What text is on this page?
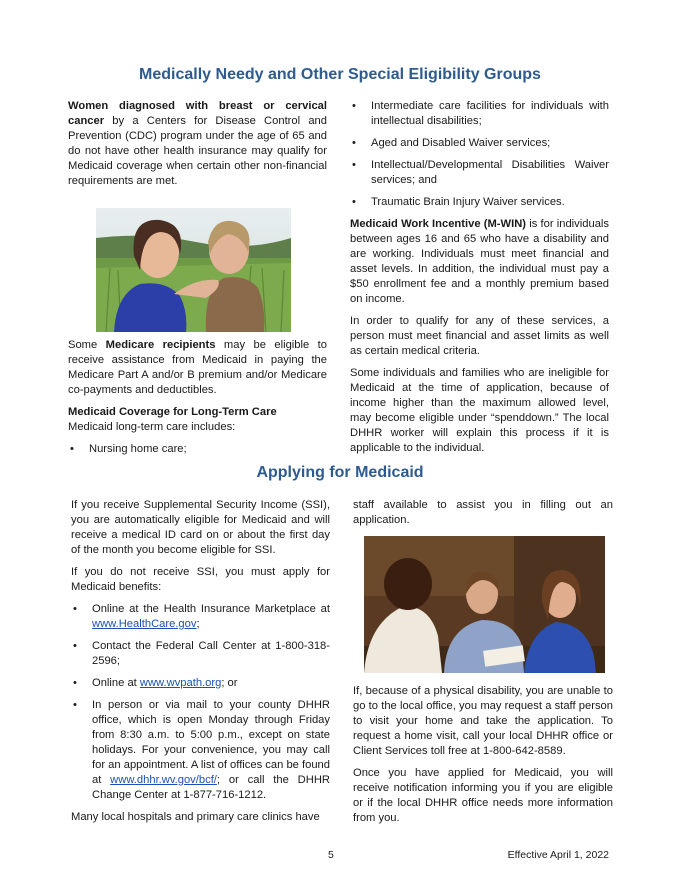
Medically Needy and Other Special Eligibility Groups

Women diagnosed with breast or cervical cancer by a Centers for Disease Control and Prevention (CDC) program under the age of 65 and do not have other health insurance may qualify for Medicaid coverage when certain other non-financial requirements are met.

Some Medicare recipients may be eligible to receive assistance from Medicaid in paying the Medicare Part A and/or B premium and/or Medicare co-payments and deductibles.

Medicaid Coverage for Long-Term Care
Medicaid long-term care includes:

• Nursing home care;
• Intermediate care facilities for individuals with intellectual disabilities;
• Aged and Disabled Waiver services;
• Intellectual/Developmental Disabilities Waiver services; and
• Traumatic Brain Injury Waiver services.

Medicaid Work Incentive (M-WIN) is for individuals between ages 16 and 65 who have a disability and are working. Individuals must meet financial and asset levels. In addition, the individual must pay a $50 enrollment fee and a monthly premium based on income.

In order to qualify for any of these services, a person must meet financial and asset limits as well as certain medical criteria.

Some individuals and families who are ineligible for Medicaid at the time of application, because of income higher than the maximum allowed level, may become eligible under “spenddown.” The local DHHR worker will explain this process if it is applicable to the individual.

Applying for Medicaid

If you receive Supplemental Security Income (SSI), you are automatically eligible for Medicaid and will receive a medical ID card on or about the first day of the month you become eligible for SSI.

If you do not receive SSI, you must apply for Medicaid benefits:

• Online at the Health Insurance Marketplace at www.HealthCare.gov;
• Contact the Federal Call Center at 1-800-318-2596;
• Online at www.wvpath.org; or
• In person or via mail to your county DHHR office, which is open Monday through Friday from 8:30 a.m. to 5:00 p.m., except on state holidays. For your convenience, you may call for an appointment. A list of offices can be found at www.dhhr.wv.gov/bcf/; or call the DHHR Change Center at 1-877-716-1212.

Many local hospitals and primary care clinics have

staff available to assist you in filling out an application.

If, because of a physical disability, you are unable to go to the local office, you may request a staff person to visit your home and take the application. To request a home visit, call your local DHHR office or Client Services toll free at 1-800-642-8589.

Once you have applied for Medicaid, you will receive notification informing you if you are eligible or if the local DHHR office needs more information from you.

5	Effective April 1, 2022
